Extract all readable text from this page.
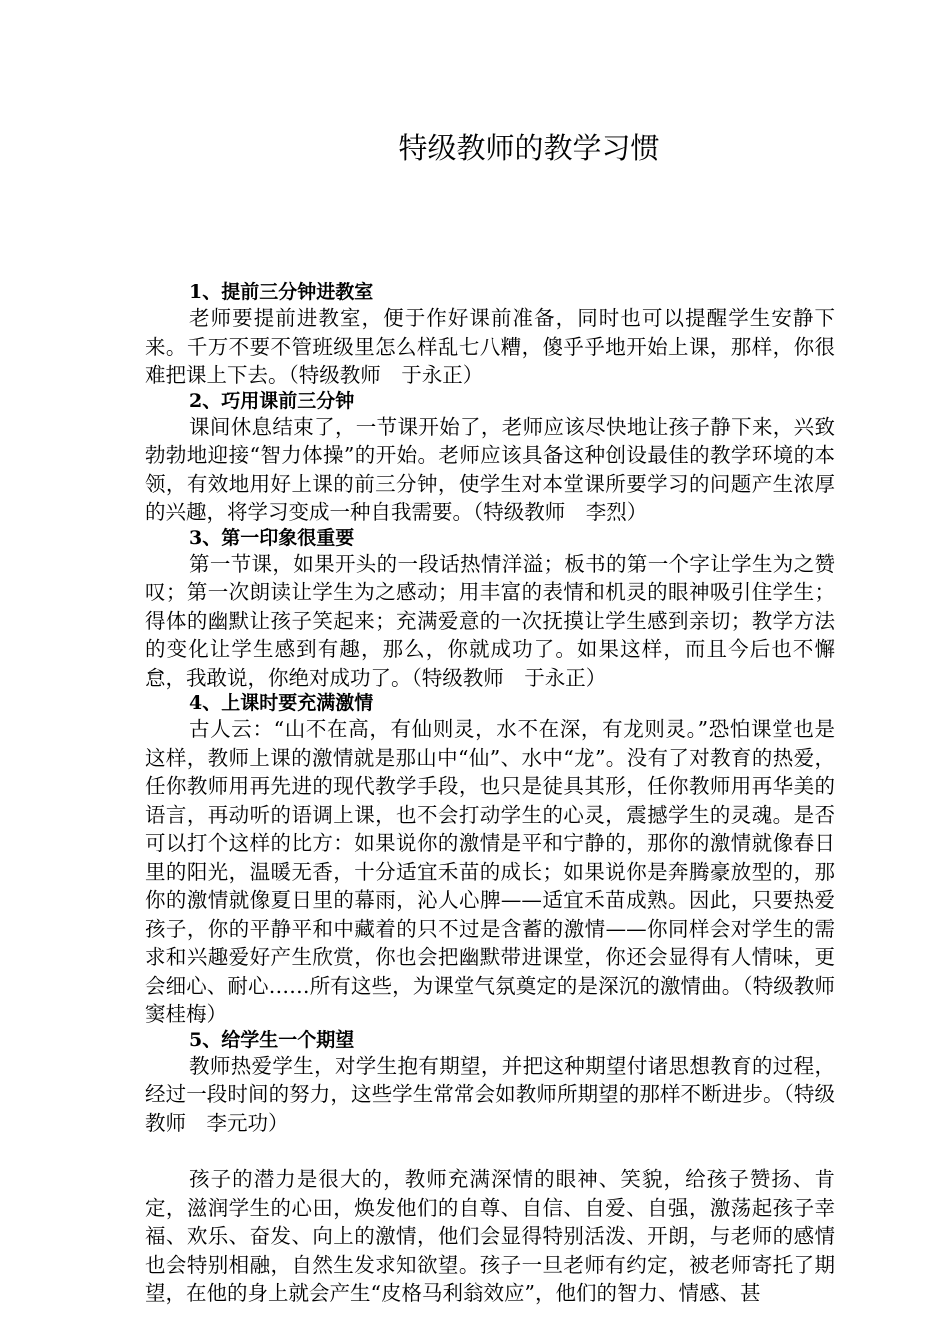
特级教师的教学习惯

1、提前三分钟进教室

老师要提前进教室，便于作好课前准备，同时也可以提醒学生安静下来。千万不要不管班级里怎么样乱七八糟，傻乎乎地开始上课，那样，你很难把课上下去。（特级教师　于永正）

2、巧用课前三分钟

课间休息结束了，一节课开始了，老师应该尽快地让孩子静下来，兴致勃勃地迎接“智力体操”的开始。老师应该具备这种创设最佳的教学环境的本领，有效地用好上课的前三分钟，使学生对本堂课所要学习的问题产生浓厚的兴趣，将学习变成一种自我需要。（特级教师　李烈）

3、第一印象很重要

第一节课，如果开头的一段话热情洋溢；板书的第一个字让学生为之赞叹；第一次朗读让学生为之感动；用丰富的表情和机灵的眼神吸引住学生；得体的幽默让孩子笑起来；充满爱意的一次抚摸让学生感到亲切；教学方法的变化让学生感到有趣，那么，你就成功了。如果这样，而且今后也不懈怠，我敢说，你绝对成功了。（特级教师　于永正）

4、上课时要充满激情

古人云：“山不在高，有仙则灵，水不在深，有龙则灵。”恐怕课堂也是这样，教师上课的激情就是那山中“仙”、水中“龙”。没有了对教育的热爱，任你教师用再先进的现代教学手段，也只是徒具其形，任你教师用再华美的语言，再动听的语调上课，也不会打动学生的心灵，震撼学生的灵魂。是否可以打个这样的比方：如果说你的激情是平和宁静的，那你的激情就像春日里的阳光，温暖无香，十分适宜禾苗的成长；如果说你是奔腾豪放型的，那你的激情就像夏日里的幕雨，沁人心脾——适宜禾苗成熟。因此，只要热爱孩子，你的平静平和中藏着的只不过是含蓄的激情——你同样会对学生的需求和兴趣爱好产生欣赏，你也会把幽默带进课堂，你还会显得有人情味，更会细心、耐心……所有这些，为课堂气氛奠定的是深沉的激情曲。（特级教师　窦桂梅）

5、给学生一个期望

教师热爱学生，对学生抱有期望，并把这种期望付诸思想教育的过程，经过一段时间的努力，这些学生常常会如教师所期望的那样不断进步。（特级教师　李元功）

孩子的潜力是很大的，教师充满深情的眼神、笑貌，给孩子赞扬、肯定，滋润学生的心田，焕发他们的自尊、自信、自爱、自强，激荡起孩子幸福、欢乐、奋发、向上的激情，他们会显得特别活泼、开朗，与老师的感情也会特别相融，自然生发求知欲望。孩子一旦老师有约定，被老师寄托了期望，在他的身上就会产生“皮格马利翁效应”，他们的智力、情感、甚
